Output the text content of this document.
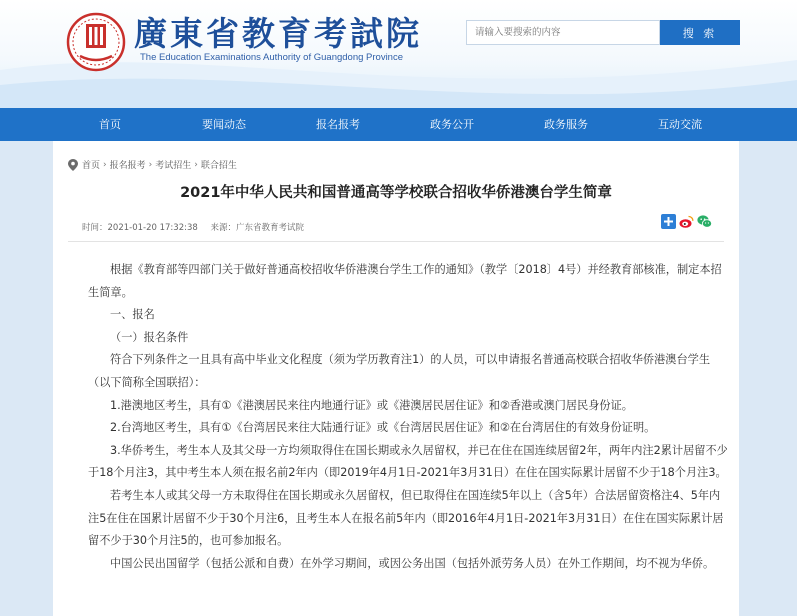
廣東省教育考試院
The Education Examinations Authority of Guangdong Province
请输入要搜索的内容
搜 索
首页	要闻动态	报名报考	政务公开	政务服务	互动交流
首页 › 报名报考 › 考试招生 › 联合招生
2021年中华人民共和国普通高等学校联合招收华侨港澳台学生简章
时间：2021-01-20 17:32:38 来源：广东省教育考试院

根据《教育部等四部门关于做好普通高校招收华侨港澳台学生工作的通知》（教学〔2018〕4号）并经教育部核准，制定本招生简章。

一、报名

（一）报名条件

符合下列条件之一且具有高中毕业文化程度（须为学历教育注1）的人员，可以申请报名普通高校联合招收华侨港澳台学生（以下简称全国联招）：

1.港澳地区考生，具有①《港澳居民来往内地通行证》或《港澳居民居住证》和②香港或澳门居民身份证。

2.台湾地区考生，具有①《台湾居民来往大陆通行证》或《台湾居民居住证》和②在台湾居住的有效身份证明。

3.华侨考生，考生本人及其父母一方均须取得住在国长期或永久居留权，并已在住在国连续居留2年，两年内注2累计居留不少于18个月注3，其中考生本人须在报名前2年内（即2019年4月1日-2021年3月31日）在住在国实际累计居留不少于18个月注3。

若考生本人或其父母一方未取得住在国长期或永久居留权，但已取得住在国连续5年以上（含5年）合法居留资格注4、5年内注5在住在国累计居留不少于30个月注6，且考生本人在报名前5年内（即2016年4月1日-2021年3月31日）在住在国实际累计居留不少于30个月注5的，也可参加报名。

中国公民出国留学（包括公派和自费）在外学习期间，或因公务出国（包括外派劳务人员）在外工作期间，均不视为华侨。
